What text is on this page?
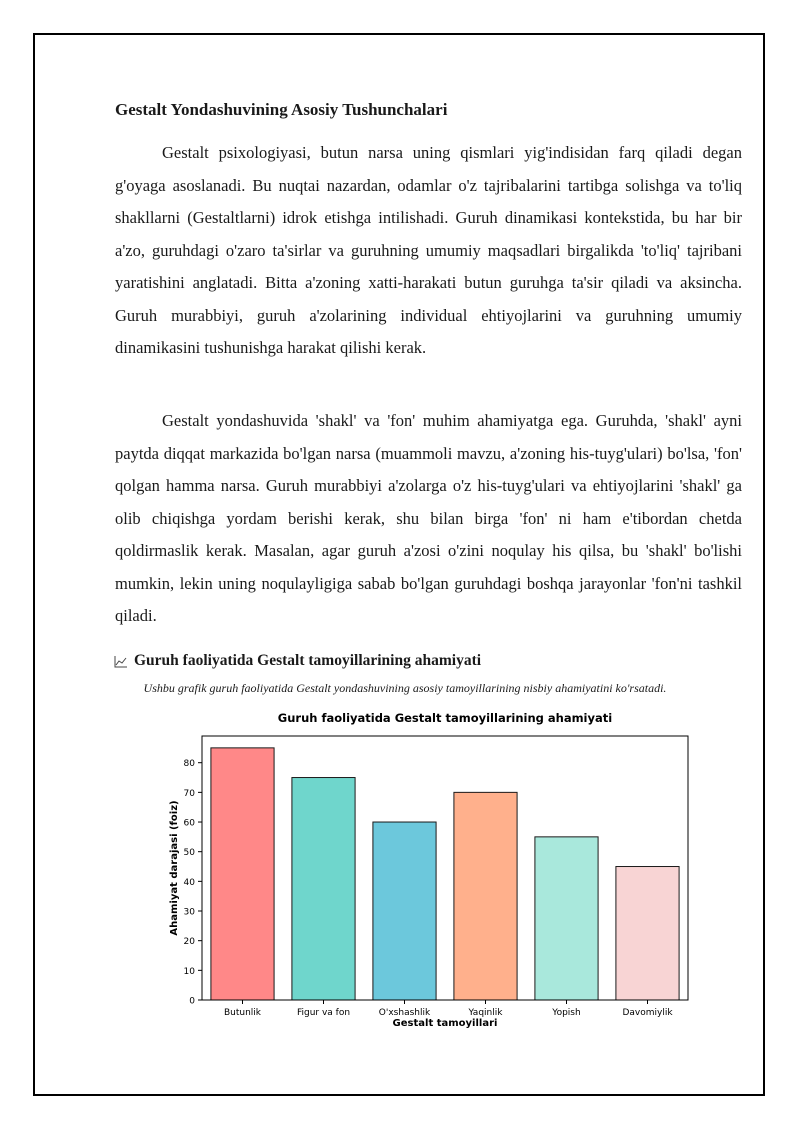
Gestalt Yondashuvining Asosiy Tushunchalari

Gestalt psixologiyasi, butun narsa uning qismlari yig'indisidan farq qiladi degan g'oyaga asoslanadi. Bu nuqtai nazardan, odamlar o'z tajribalarini tartibga solishga va to'liq shakllarni (Gestaltlarni) idrok etishga intilishadi. Guruh dinamikasi kontekstida, bu har bir a'zo, guruhdagi o'zaro ta'sirlar va guruhning umumiy maqsadlari birgalikda 'to'liq' tajribani yaratishini anglatadi. Bitta a'zoning xatti-harakati butun guruhga ta'sir qiladi va aksincha. Guruh murabbiyi, guruh a'zolarining individual ehtiyojlarini va guruhning umumiy dinamikasini tushunishga harakat qilishi kerak.

Gestalt yondashuvida 'shakl' va 'fon' muhim ahamiyatga ega. Guruhda, 'shakl' ayni paytda diqqat markazida bo'lgan narsa (muammoli mavzu, a'zoning his-tuyg'ulari) bo'lsa, 'fon' qolgan hamma narsa. Guruh murabbiyi a'zolarga o'z his-tuyg'ulari va ehtiyojlarini 'shakl' ga olib chiqishga yordam berishi kerak, shu bilan birga 'fon' ni ham e'tibordan chetda qoldirmaslik kerak. Masalan, agar guruh a'zosi o'zini noqulay his qilsa, bu 'shakl' bo'lishi mumkin, lekin uning noqulayligiga sabab bo'lgan guruhdagi boshqa jarayonlar 'fon'ni tashkil qiladi.

Guruh faoliyatida Gestalt tamoyillarining ahamiyati

Ushbu grafik guruh faoliyatida Gestalt yondashuvining asosiy tamoyillarining nisbiy ahamiyatini ko'rsatadi.

Guruh faoliyatida Gestalt tamoyillarining ahamiyati
Butunlik	Figur va fon	O'xshashlik	Yaqinlik	Yopish	Davomiylik
0
10
20
30
40
50
60
70
80
Gestalt tamoyillari
Ahamiyat darajasi (foiz)
